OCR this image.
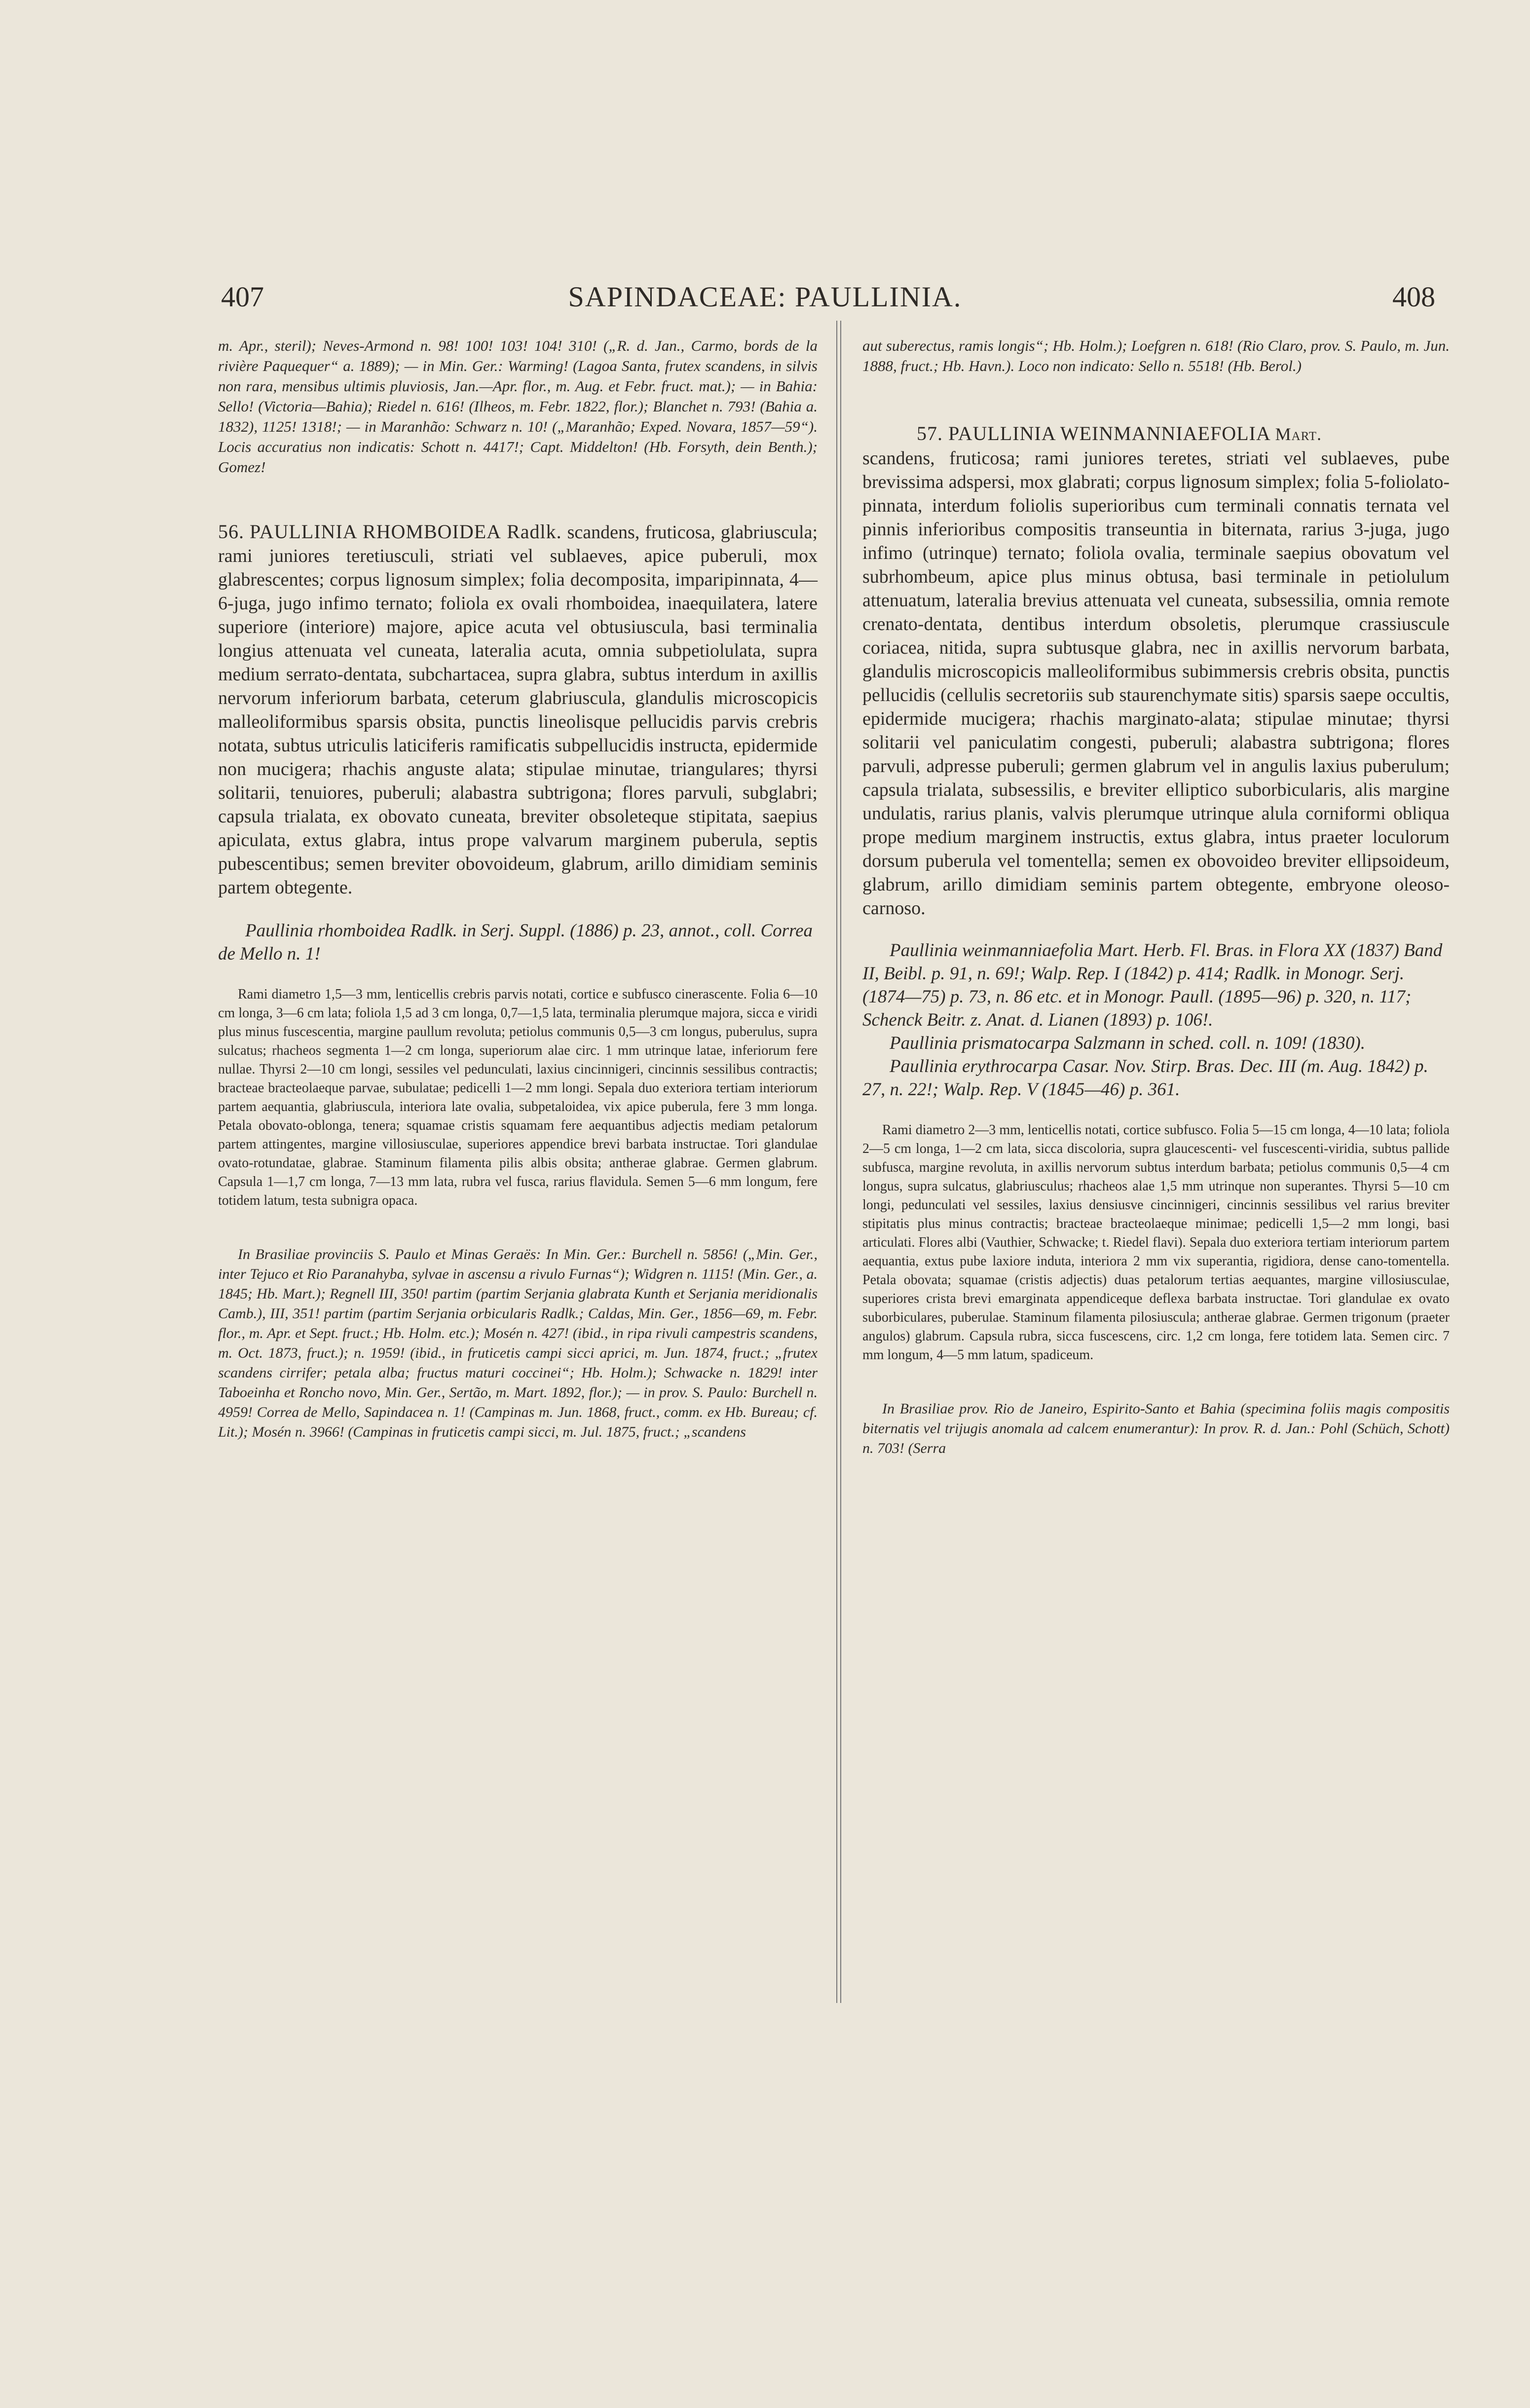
407	SAPINDACEAE: PAULLINIA.	408

m. Apr., steril); Neves-Armond n. 98! 100! 103! 104! 310! („R. d. Jan., Carmo, bords de la rivière Paquequer“ a. 1889); — in Min. Ger.: Warming! (Lagoa Santa, frutex scandens, in silvis non rara, mensibus ultimis pluviosis, Jan.—Apr. flor., m. Aug. et Febr. fruct. mat.); — in Bahia: Sello! (Victoria—Bahia); Riedel n. 616! (Ilheos, m. Febr. 1822, flor.); Blanchet n. 793! (Bahia a. 1832), 1125! 1318!; — in Maranhão: Schwarz n. 10! („Maranhão; Exped. Novara, 1857—59“). Locis accuratius non indicatis: Schott n. 4417!; Capt. Middelton! (Hb. Forsyth, dein Benth.); Gomez!

56. PAULLINIA RHOMBOIDEA Radlk. scandens, fruticosa, glabriuscula; rami juniores teretiusculi, striati vel sublaeves, apice puberuli, mox glabrescentes; corpus lignosum simplex; folia decomposita, imparipinnata, 4—6-juga, jugo infimo ternato; foliola ex ovali rhomboidea, inaequilatera, latere superiore (interiore) majore, apice acuta vel obtusiuscula, basi terminalia longius attenuata vel cuneata, lateralia acuta, omnia subpetiolulata, supra medium serrato-dentata, subchartacea, supra glabra, subtus interdum in axillis nervorum inferiorum barbata, ceterum glabriuscula, glandulis microscopicis malleoliformibus sparsis obsita, punctis lineolisque pellucidis parvis crebris notata, subtus utriculis laticiferis ramificatis subpellucidis instructa, epidermide non mucigera; rhachis anguste alata; stipulae minutae, triangulares; thyrsi solitarii, tenuiores, puberuli; alabastra subtrigona; flores parvuli, subglabri; capsula trialata, ex obovato cuneata, breviter obsoleteque stipitata, saepius apiculata, extus glabra, intus prope valvarum marginem puberula, septis pubescentibus; semen breviter obovoideum, glabrum, arillo dimidiam seminis partem obtegente.

Paullinia rhomboidea Radlk. in Serj. Suppl. (1886) p. 23, annot., coll. Correa de Mello n. 1!

Rami diametro 1,5—3 mm, lenticellis crebris parvis notati, cortice e subfusco cinerascente. Folia 6—10 cm longa, 3—6 cm lata; foliola 1,5 ad 3 cm longa, 0,7—1,5 lata, terminalia plerumque majora, sicca e viridi plus minus fuscescentia, margine paullum revoluta; petiolus communis 0,5—3 cm longus, puberulus, supra sulcatus; rhacheos segmenta 1—2 cm longa, superiorum alae circ. 1 mm utrinque latae, inferiorum fere nullae. Thyrsi 2—10 cm longi, sessiles vel pedunculati, laxius cincinnigeri, cincinnis sessilibus contractis; bracteae bracteolaeque parvae, subulatae; pedicelli 1—2 mm longi. Sepala duo exteriora tertiam interiorum partem aequantia, glabriuscula, interiora late ovalia, subpetaloidea, vix apice puberula, fere 3 mm longa. Petala obovato-oblonga, tenera; squamae cristis squamam fere aequantibus adjectis mediam petalorum partem attingentes, margine villosiusculae, superiores appendice brevi barbata instructae. Tori glandulae ovato-rotundatae, glabrae. Staminum filamenta pilis albis obsita; antherae glabrae. Germen glabrum. Capsula 1—1,7 cm longa, 7—13 mm lata, rubra vel fusca, rarius flavidula. Semen 5—6 mm longum, fere totidem latum, testa subnigra opaca.

In Brasiliae provinciis S. Paulo et Minas Geraës: In Min. Ger.: Burchell n. 5856! („Min. Ger., inter Tejuco et Rio Paranahyba, sylvae in ascensu a rivulo Furnas“); Widgren n. 1115! (Min. Ger., a. 1845; Hb. Mart.); Regnell III, 350! partim (partim Serjania glabrata Kunth et Serjania meridionalis Camb.), III, 351! partim (partim Serjania orbicularis Radlk.; Caldas, Min. Ger., 1856—69, m. Febr. flor., m. Apr. et Sept. fruct.; Hb. Holm. etc.); Mosén n. 427! (ibid., in ripa rivuli campestris scandens, m. Oct. 1873, fruct.); n. 1959! (ibid., in fruticetis campi sicci aprici, m. Jun. 1874, fruct.; „frutex scandens cirrifer; petala alba; fructus maturi coccinei“; Hb. Holm.); Schwacke n. 1829! inter Taboeinha et Roncho novo, Min. Ger., Sertão, m. Mart. 1892, flor.); — in prov. S. Paulo: Burchell n. 4959! Correa de Mello, Sapindacea n. 1! (Campinas m. Jun. 1868, fruct., comm. ex Hb. Bureau; cf. Lit.); Mosén n. 3966! (Campinas in fruticetis campi sicci, m. Jul. 1875, fruct.; „scandens

aut suberectus, ramis longis“; Hb. Holm.); Loefgren n. 618! (Rio Claro, prov. S. Paulo, m. Jun. 1888, fruct.; Hb. Havn.). Loco non indicato: Sello n. 5518! (Hb. Berol.)

57. PAULLINIA WEINMANNIAEFOLIA Mart.

scandens, fruticosa; rami juniores teretes, striati vel sublaeves, pube brevissima adspersi, mox glabrati; corpus lignosum simplex; folia 5-foliolato-pinnata, interdum foliolis superioribus cum terminali connatis ternata vel pinnis inferioribus compositis transeuntia in biternata, rarius 3-juga, jugo infimo (utrinque) ternato; foliola ovalia, terminale saepius obovatum vel subrhombeum, apice plus minus obtusa, basi terminale in petiolulum attenuatum, lateralia brevius attenuata vel cuneata, subsessilia, omnia remote crenato-dentata, dentibus interdum obsoletis, plerumque crassiuscule coriacea, nitida, supra subtusque glabra, nec in axillis nervorum barbata, glandulis microscopicis malleoliformibus subimmersis crebris obsita, punctis pellucidis (cellulis secretoriis sub staurenchymate sitis) sparsis saepe occultis, epidermide mucigera; rhachis marginato-alata; stipulae minutae; thyrsi solitarii vel paniculatim congesti, puberuli; alabastra subtrigona; flores parvuli, adpresse puberuli; germen glabrum vel in angulis laxius puberulum; capsula trialata, subsessilis, e breviter elliptico suborbicularis, alis margine undulatis, rarius planis, valvis plerumque utrinque alula corniformi obliqua prope medium marginem instructis, extus glabra, intus praeter loculorum dorsum puberula vel tomentella; semen ex obovoideo breviter ellipsoideum, glabrum, arillo dimidiam seminis partem obtegente, embryone oleoso-carnoso.

Paullinia weinmanniaefolia Mart. Herb. Fl. Bras. in Flora XX (1837) Band II, Beibl. p. 91, n. 69!; Walp. Rep. I (1842) p. 414; Radlk. in Monogr. Serj. (1874—75) p. 73, n. 86 etc. et in Monogr. Paull. (1895—96) p. 320, n. 117; Schenck Beitr. z. Anat. d. Lianen (1893) p. 106!.

Paullinia prismatocarpa Salzmann in sched. coll. n. 109! (1830).

Paullinia erythrocarpa Casar. Nov. Stirp. Bras. Dec. III (m. Aug. 1842) p. 27, n. 22!; Walp. Rep. V (1845—46) p. 361.

Rami diametro 2—3 mm, lenticellis notati, cortice subfusco. Folia 5—15 cm longa, 4—10 lata; foliola 2—5 cm longa, 1—2 cm lata, sicca discoloria, supra glaucescenti- vel fuscescenti-viridia, subtus pallide subfusca, margine revoluta, in axillis nervorum subtus interdum barbata; petiolus communis 0,5—4 cm longus, supra sulcatus, glabriusculus; rhacheos alae 1,5 mm utrinque non superantes. Thyrsi 5—10 cm longi, pedunculati vel sessiles, laxius densiusve cincinnigeri, cincinnis sessilibus vel rarius breviter stipitatis plus minus contractis; bracteae bracteolaeque minimae; pedicelli 1,5—2 mm longi, basi articulati. Flores albi (Vauthier, Schwacke; t. Riedel flavi). Sepala duo exteriora tertiam interiorum partem aequantia, extus pube laxiore induta, interiora 2 mm vix superantia, rigidiora, dense cano-tomentella. Petala obovata; squamae (cristis adjectis) duas petalorum tertias aequantes, margine villosiusculae, superiores crista brevi emarginata appendiceque deflexa barbata instructae. Tori glandulae ex ovato suborbiculares, puberulae. Staminum filamenta pilosiuscula; antherae glabrae. Germen trigonum (praeter angulos) glabrum. Capsula rubra, sicca fuscescens, circ. 1,2 cm longa, fere totidem lata. Semen circ. 7 mm longum, 4—5 mm latum, spadiceum.

In Brasiliae prov. Rio de Janeiro, Espirito-Santo et Bahia (specimina foliis magis compositis biternatis vel trijugis anomala ad calcem enumerantur): In prov. R. d. Jan.: Pohl (Schüch, Schott) n. 703! (Serra
